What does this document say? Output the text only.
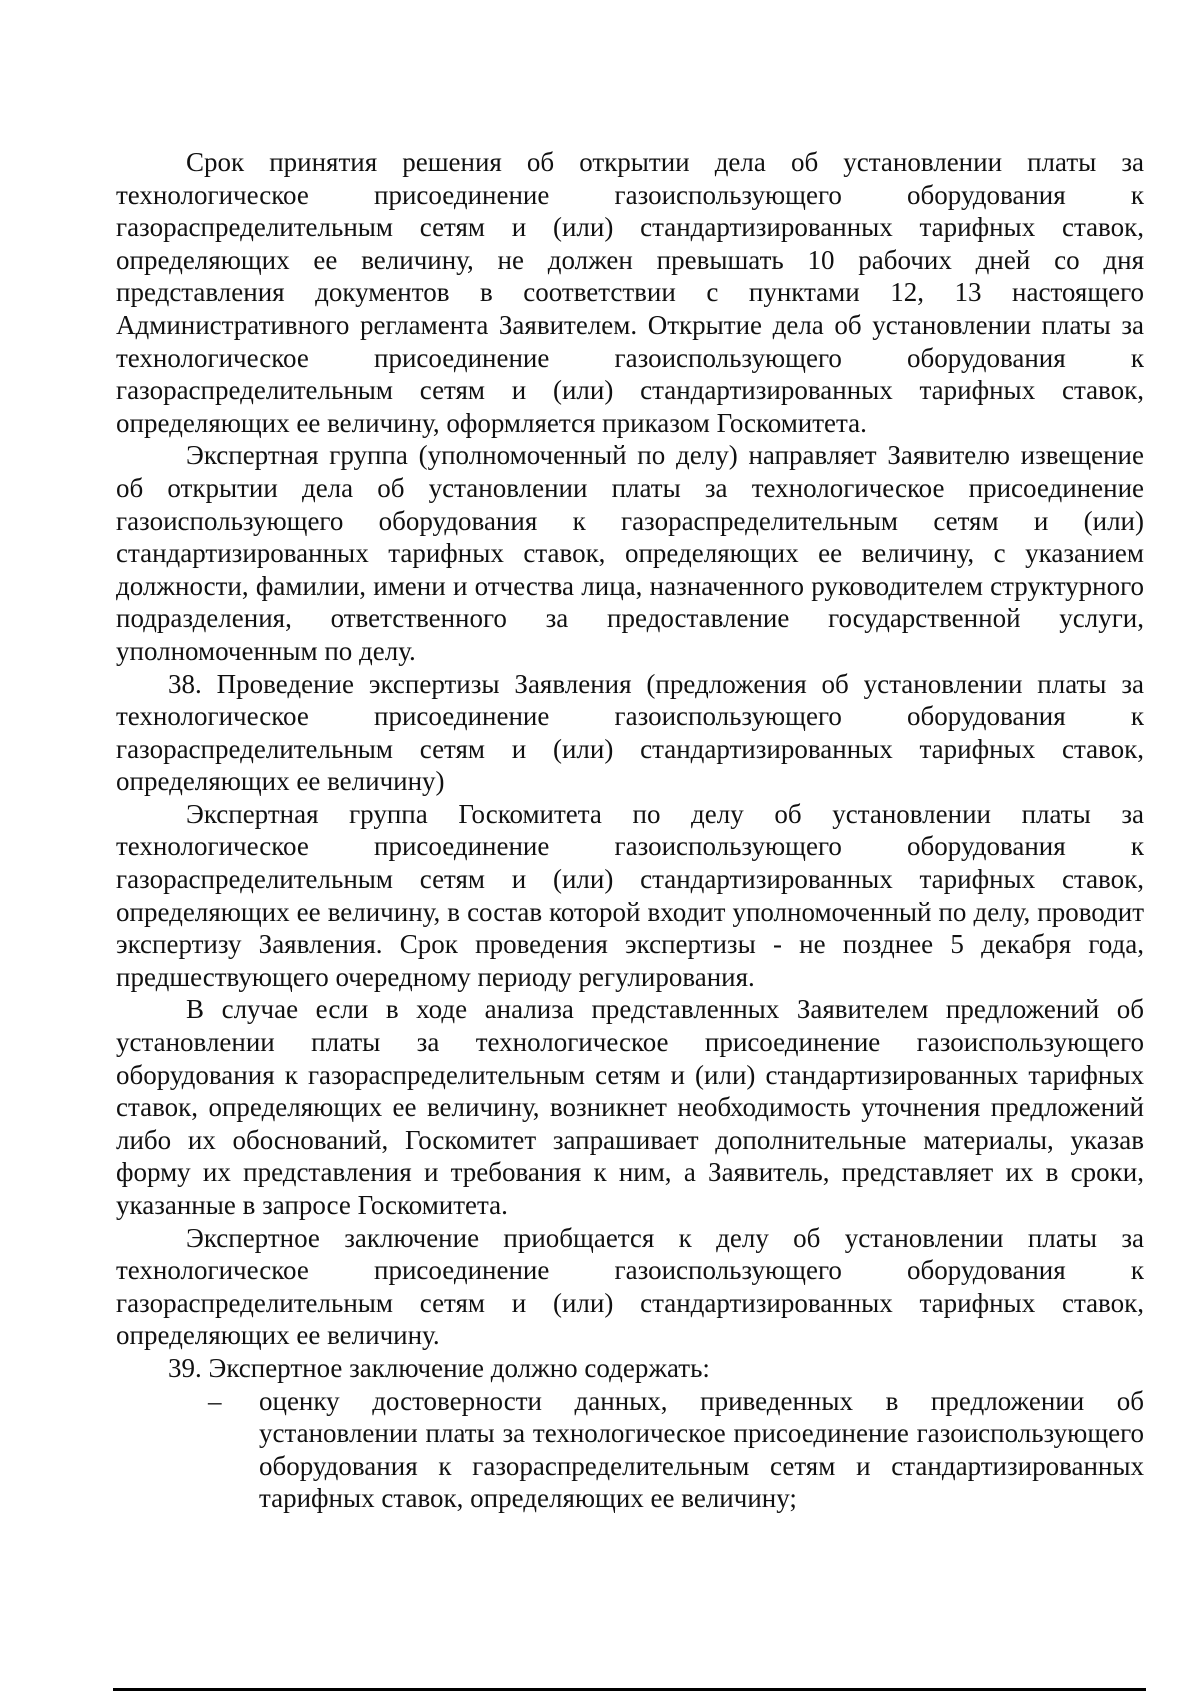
Срок принятия решения об открытии дела об установлении платы за технологическое присоединение газоиспользующего оборудования к газораспределительным сетям и (или) стандартизированных тарифных ставок, определяющих ее величину, не должен превышать 10 рабочих дней со дня представления документов в соответствии с пунктами 12, 13 настоящего Административного регламента Заявителем. Открытие дела об установлении платы за технологическое присоединение газоиспользующего оборудования к газораспределительным сетям и (или) стандартизированных тарифных ставок, определяющих ее величину, оформляется приказом Госкомитета.

Экспертная группа (уполномоченный по делу) направляет Заявителю извещение об открытии дела об установлении платы за технологическое присоединение газоиспользующего оборудования к газораспределительным сетям и (или) стандартизированных тарифных ставок, определяющих ее величину, с указанием должности, фамилии, имени и отчества лица, назначенного руководителем структурного подразделения, ответственного за предоставление государственной услуги, уполномоченным по делу.

38. Проведение экспертизы Заявления (предложения об установлении платы за технологическое присоединение газоиспользующего оборудования к газораспределительным сетям и (или) стандартизированных тарифных ставок, определяющих ее величину)

Экспертная группа Госкомитета по делу об установлении платы за технологическое присоединение газоиспользующего оборудования к газораспределительным сетям и (или) стандартизированных тарифных ставок, определяющих ее величину, в состав которой входит уполномоченный по делу, проводит экспертизу Заявления. Срок проведения экспертизы - не позднее 5 декабря года, предшествующего очередному периоду регулирования.

В случае если в ходе анализа представленных Заявителем предложений об установлении платы за технологическое присоединение газоиспользующего оборудования к газораспределительным сетям и (или) стандартизированных тарифных ставок, определяющих ее величину, возникнет необходимость уточнения предложений либо их обоснований, Госкомитет запрашивает дополнительные материалы, указав форму их представления и требования к ним, а Заявитель, представляет их в сроки, указанные в запросе Госкомитета.

Экспертное заключение приобщается к делу об установлении платы за технологическое присоединение газоиспользующего оборудования к газораспределительным сетям и (или) стандартизированных тарифных ставок, определяющих ее величину.

39. Экспертное заключение должно содержать:

–	оценку достоверности данных, приведенных в предложении об установлении платы за технологическое присоединение газоиспользующего оборудования к газораспределительным сетям и стандартизированных тарифных ставок, определяющих ее величину;
